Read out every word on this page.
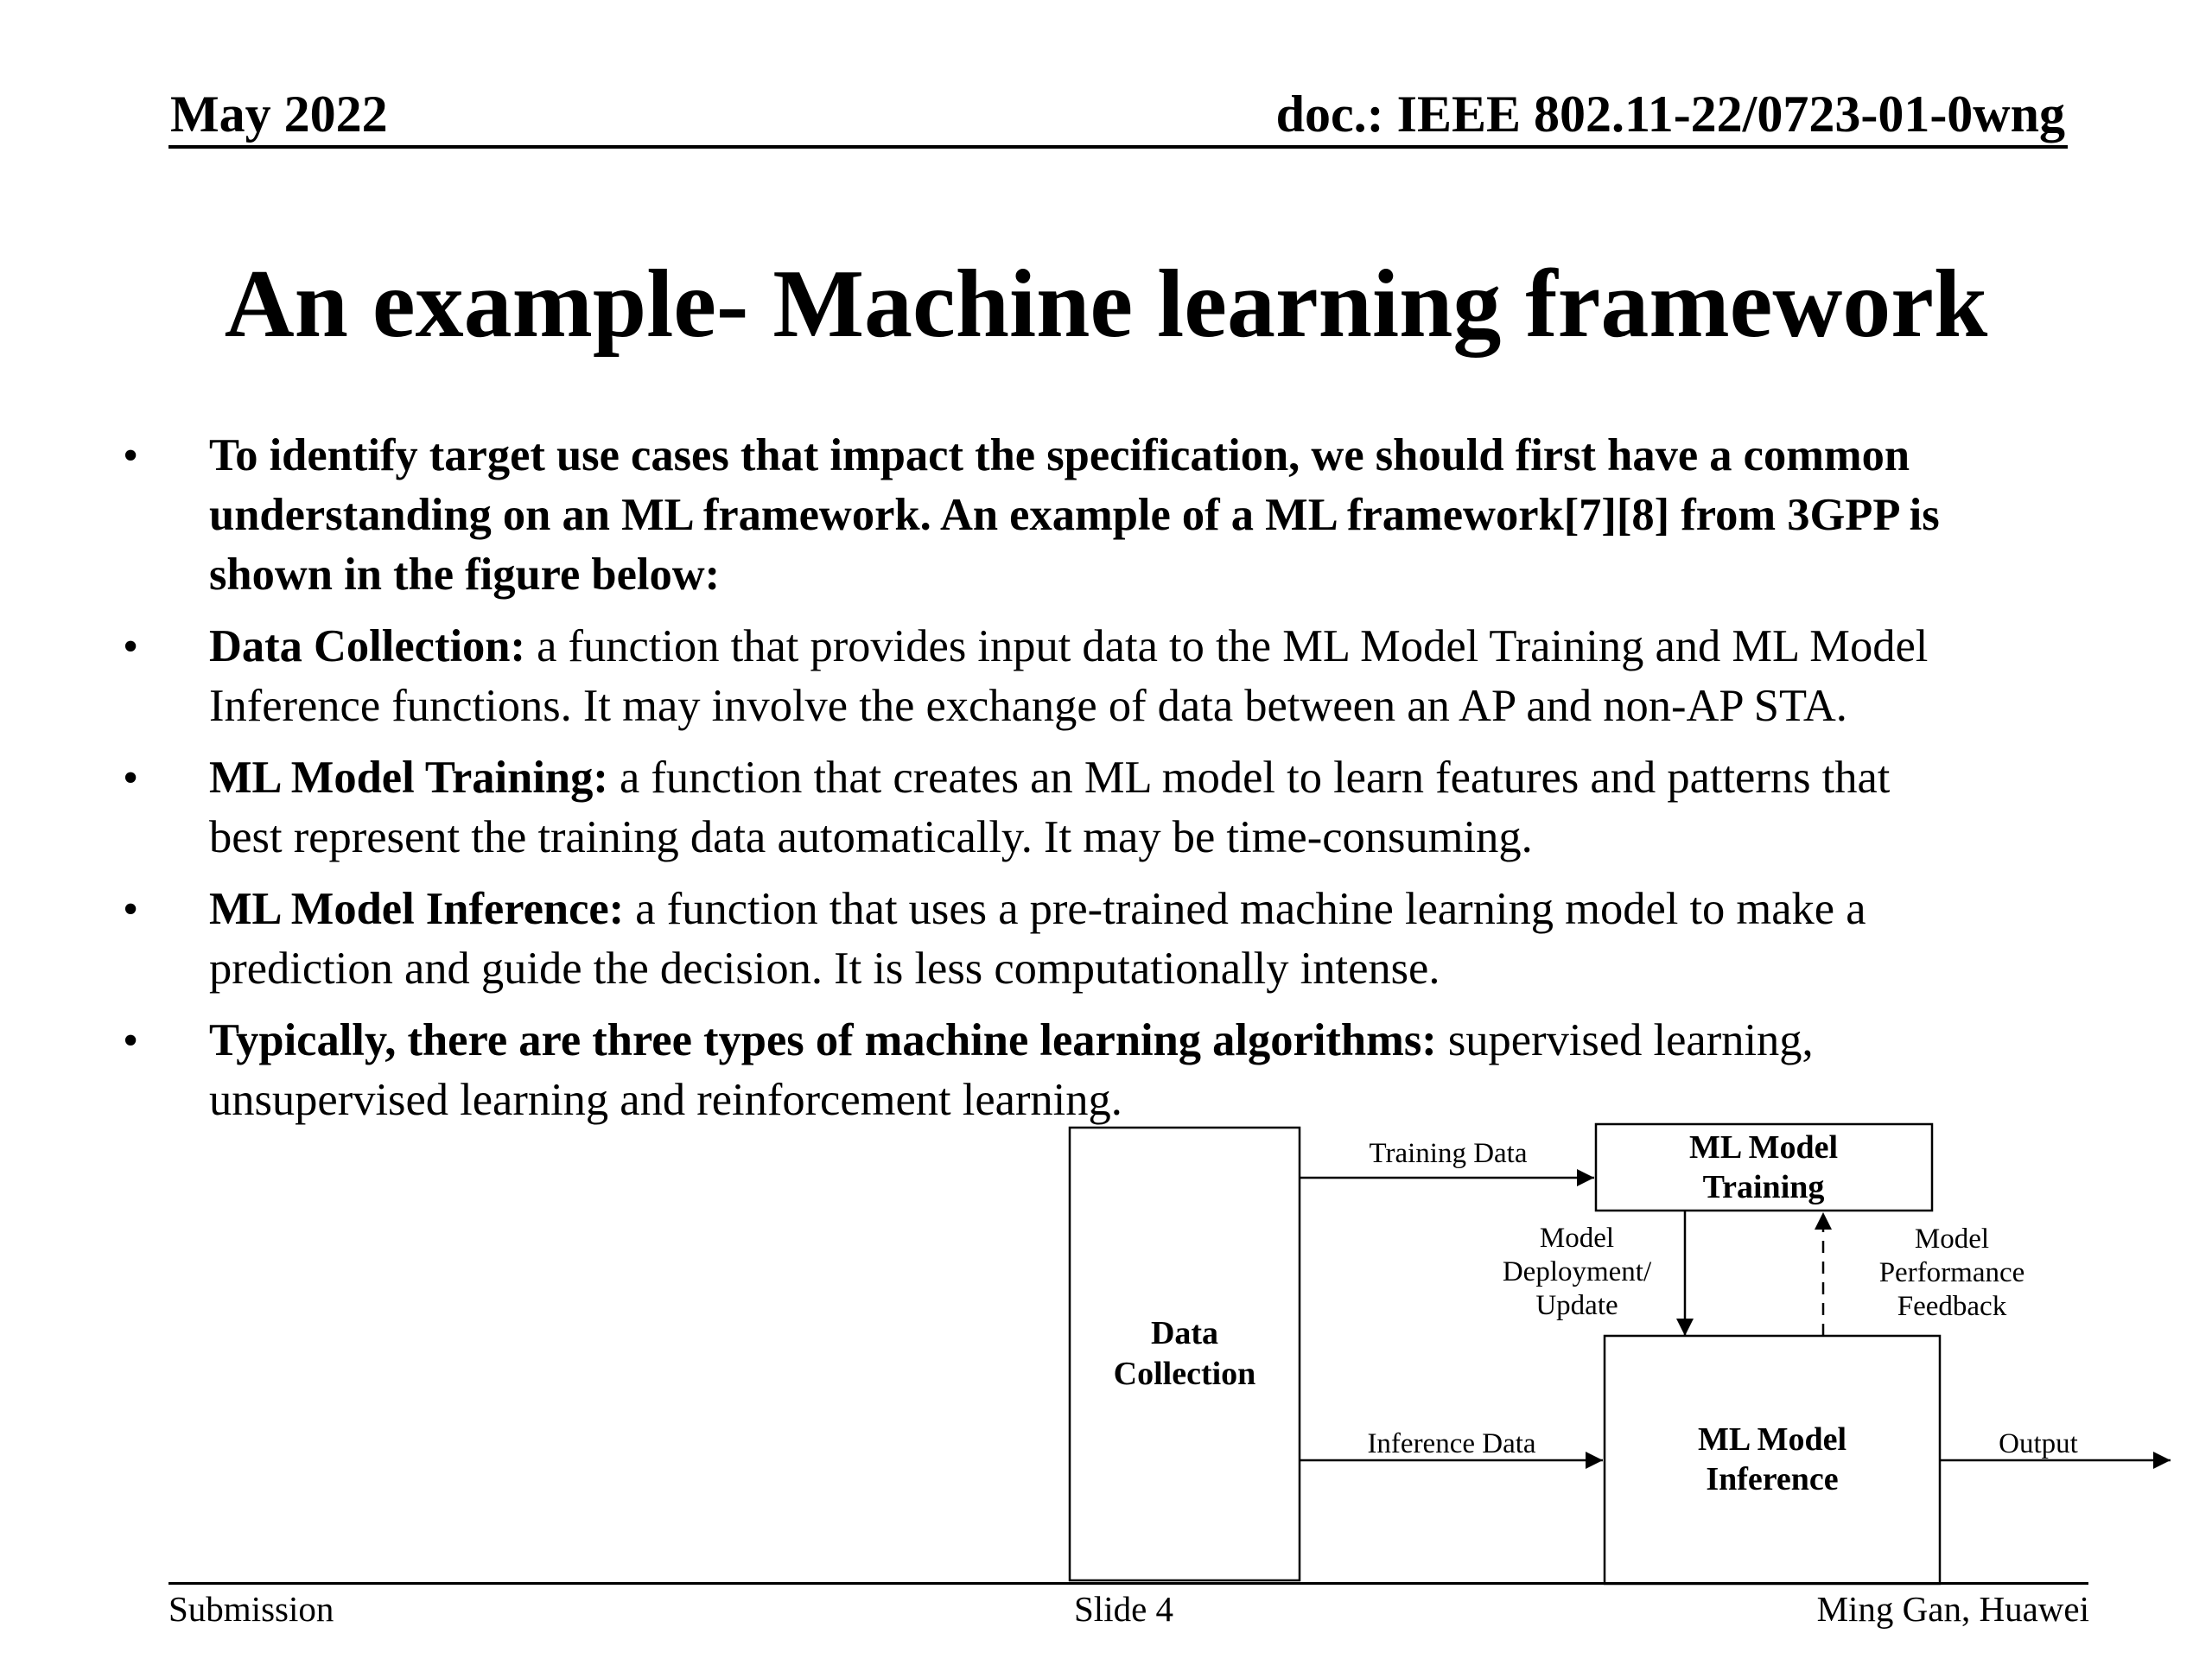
May 2022	doc.: IEEE 802.11-22/0723-01-0wng
An example- Machine learning framework
• To identify target use cases that impact the specification, we should first have a common
understanding on an ML framework. An example of a ML framework[7][8] from 3GPP is
shown in the figure below:
• Data Collection: a function that provides input data to the ML Model Training and ML Model
Inference functions. It may involve the exchange of data between an AP and non-AP STA.
• ML Model Training: a function that creates an ML model to learn features and patterns that
best represent the training data automatically. It may be time-consuming.
• ML Model Inference: a function that uses a pre-trained machine learning model to make a
prediction and guide the decision. It is less computationally intense.
• Typically, there are three types of machine learning algorithms: supervised learning,
unsupervised learning and reinforcement learning.
Data
Collection
ML Model
Training
ML Model
Inference
Training Data
Inference Data
Model
Deployment/
Update
Model
Performance
Feedback
Output
Submission	Slide 4	Ming Gan, Huawei
